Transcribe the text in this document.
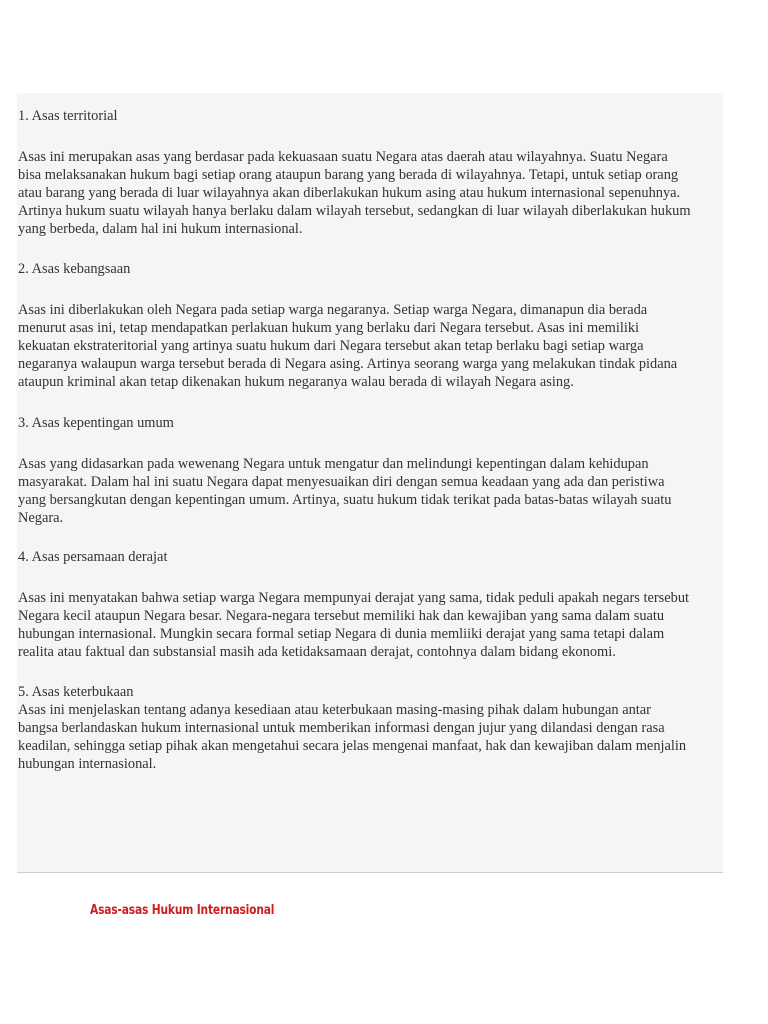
1. Asas territorial

Asas ini merupakan asas yang berdasar pada kekuasaan suatu Negara atas daerah atau wilayahnya. Suatu Negara
bisa melaksanakan hukum bagi setiap orang ataupun barang yang berada di wilayahnya. Tetapi, untuk setiap orang
atau barang yang berada di luar wilayahnya akan diberlakukan hukum asing atau hukum internasional sepenuhnya.
Artinya hukum suatu wilayah hanya berlaku dalam wilayah tersebut, sedangkan di luar wilayah diberlakukan hukum
yang berbeda, dalam hal ini hukum internasional.

2. Asas kebangsaan

Asas ini diberlakukan oleh Negara pada setiap warga negaranya. Setiap warga Negara, dimanapun dia berada
menurut asas ini, tetap mendapatkan perlakuan hukum yang berlaku dari Negara tersebut. Asas ini memiliki
kekuatan ekstrateritorial yang artinya suatu hukum dari Negara tersebut akan tetap berlaku bagi setiap warga
negaranya walaupun warga tersebut berada di Negara asing. Artinya seorang warga yang melakukan tindak pidana
ataupun kriminal akan tetap dikenakan hukum negaranya walau berada di wilayah Negara asing.

3. Asas kepentingan umum

Asas yang didasarkan pada wewenang Negara untuk mengatur dan melindungi kepentingan dalam kehidupan
masyarakat. Dalam hal ini suatu Negara dapat menyesuaikan diri dengan semua keadaan yang ada dan peristiwa
yang bersangkutan dengan kepentingan umum. Artinya, suatu hukum tidak terikat pada batas-batas wilayah suatu
Negara.

4. Asas persamaan derajat

Asas ini menyatakan bahwa setiap warga Negara mempunyai derajat yang sama, tidak peduli apakah negars tersebut
Negara kecil ataupun Negara besar. Negara-negara tersebut memiliki hak dan kewajiban yang sama dalam suatu
hubungan internasional. Mungkin secara formal setiap Negara di dunia memliiki derajat yang sama tetapi dalam
realita atau faktual dan substansial masih ada ketidaksamaan derajat, contohnya dalam bidang ekonomi.

5. Asas keterbukaan

Asas ini menjelaskan tentang adanya kesediaan atau keterbukaan masing-masing pihak dalam hubungan antar
bangsa berlandaskan hukum internasional untuk memberikan informasi dengan jujur yang dilandasi dengan rasa
keadilan, sehingga setiap pihak akan mengetahui secara jelas mengenai manfaat, hak dan kewajiban dalam menjalin
hubungan internasional.

Asas-asas Hukum Internasional
